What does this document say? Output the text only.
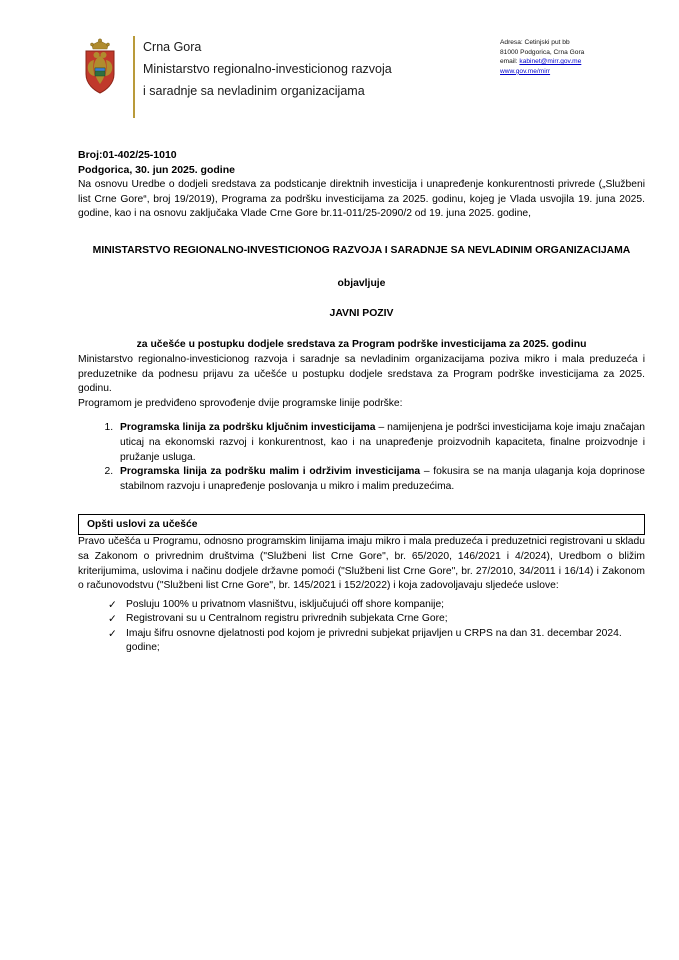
Crna Gora
Ministarstvo regionalno-investicionog razvoja
i saradnje sa nevladinim organizacijama
Adresa: Cetinjski put bb
81000 Podgorica, Crna Gora
email: kabinet@mirr.gov.me
www.gov.me/mirr
Broj:01-402/25-1010
Podgorica, 30. jun 2025. godine

Na osnovu Uredbe o dodjeli sredstava za podsticanje direktnih investicija i unapređenje konkurentnosti privrede („Službeni list Crne Gore“, broj 19/2019), Programa za podršku investicijama za 2025. godinu, kojeg je Vlada usvojila 19. juna 2025. godine, kao i na osnovu zaključaka Vlade Crne Gore br.11-011/25-2090/2 od 19. juna 2025. godine,

MINISTARSTVO REGIONALNO-INVESTICIONOG RAZVOJA I SARADNJE SA NEVLADINIM ORGANIZACIJAMA
objavljuje
JAVNI POZIV
za učešće u postupku dodjele sredstava za Program podrške investicijama za 2025. godinu

Ministarstvo regionalno-investicionog razvoja i saradnje sa nevladinim organizacijama poziva mikro i mala preduzeća i preduzetnike da podnesu prijavu za učešće u postupku dodjele sredstava za Program podrške investicijama za 2025. godinu.

Programom je predviđeno sprovođenje dvije programske linije podrške:

1. Programska linija za podršku ključnim investicijama – namijenjena je podršci investicijama koje imaju značajan uticaj na ekonomski razvoj i konkurentnost, kao i na unapređenje proizvodnih kapaciteta, finalne proizvodnje i pružanje usluga.
2. Programska linija za podršku malim i održivim investicijama – fokusira se na manja ulaganja koja doprinose stabilnom razvoju i unapređenje poslovanja u mikro i malim preduzećima.
Opšti uslovi za učešće

Pravo učešća u Programu, odnosno programskim linijama imaju mikro i mala preduzeća i preduzetnici registrovani u skladu sa Zakonom o privrednim društvima ("Službeni list Crne Gore", br. 65/2020, 146/2021 i 4/2024), Uredbom o bližim kriterijumima, uslovima i načinu dodjele državne pomoći ("Službeni list Crne Gore", br. 27/2010, 34/2011 i 16/14) i Zakonom o računovodstvu ("Službeni list Crne Gore", br. 145/2021 i 152/2022) i koja zadovoljavaju sljedeće uslove:

✓ Posluju 100% u privatnom vlasništvu, isključujući off shore kompanije;
✓ Registrovani su u Centralnom registru privrednih subjekata Crne Gore;
✓ Imaju šifru osnovne djelatnosti pod kojom je privredni subjekat prijavljen u CRPS na dan 31. decembar 2024. godine;
